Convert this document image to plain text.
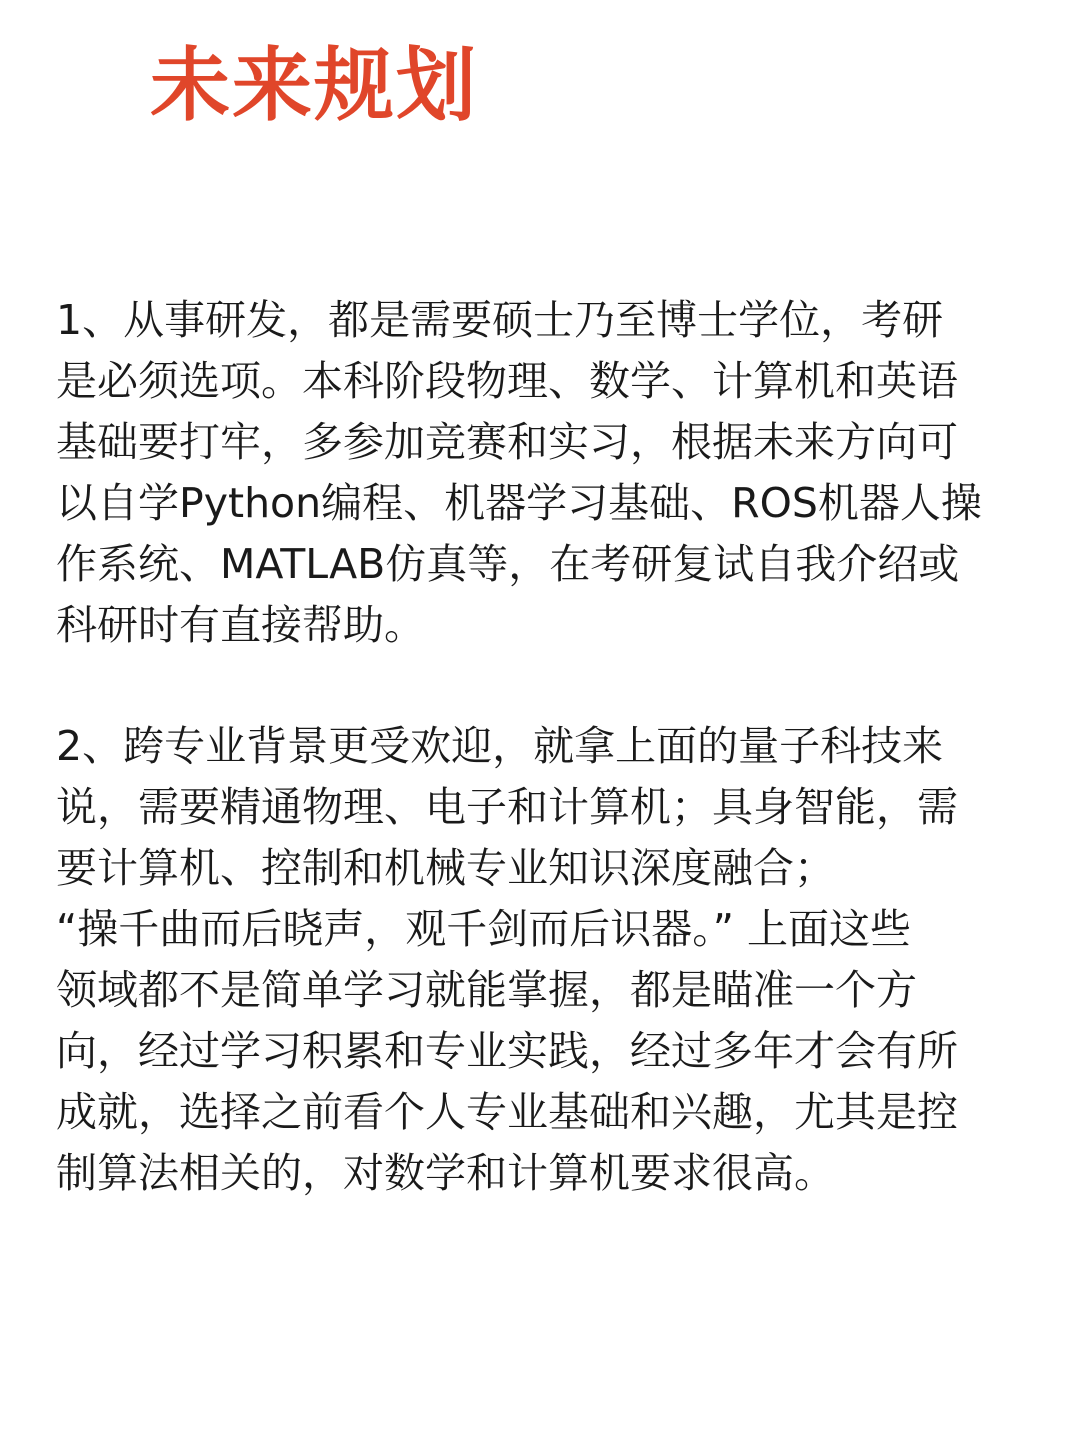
未来规划
1、从事研发，都是需要硕士乃至博士学位，考研
是必须选项。本科阶段物理、数学、计算机和英语
基础要打牢，多参加竞赛和实习，根据未来方向可
以自学Python编程、机器学习基础、ROS机器人操
作系统、MATLAB仿真等，在考研复试自我介绍或
科研时有直接帮助。
2、跨专业背景更受欢迎，就拿上面的量子科技来
说，需要精通物理、电子和计算机；具身智能，需
要计算机、控制和机械专业知识深度融合；
“操千曲而后晓声，观千剑而后识器。” 上面这些
领域都不是简单学习就能掌握，都是瞄准一个方
向，经过学习积累和专业实践，经过多年才会有所
成就，选择之前看个人专业基础和兴趣，尤其是控
制算法相关的，对数学和计算机要求很高。
